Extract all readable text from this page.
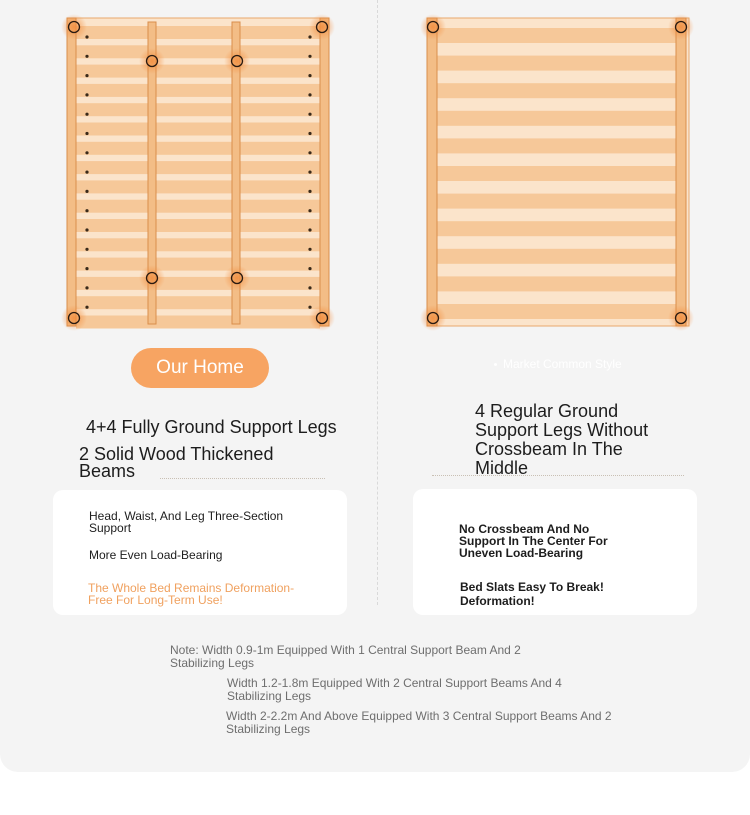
Our Home
4+4 Fully Ground Support Legs
2 Solid Wood Thickened Beams
Head, Waist, And Leg Three-Section Support
More Even Load-Bearing
The Whole Bed Remains Deformation-Free For Long-Term Use!
Market Common Style
4 Regular Ground Support Legs Without Crossbeam In The Middle
No Crossbeam And No Support In The Center For Uneven Load-Bearing
Bed Slats Easy To Break! Deformation!
Note: Width 0.9-1m Equipped With 1 Central Support Beam And 2 Stabilizing Legs
Width 1.2-1.8m Equipped With 2 Central Support Beams And 4 Stabilizing Legs
Width 2-2.2m And Above Equipped With 3 Central Support Beams And 2 Stabilizing Legs
